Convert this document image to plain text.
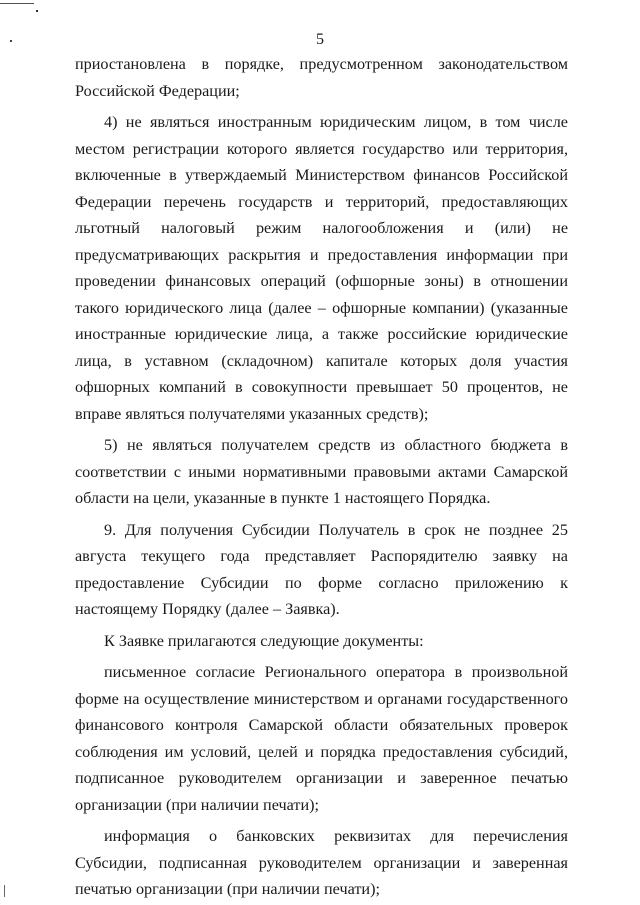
5

приостановлена в порядке, предусмотренном законодательством

Российской Федерации;

4) не являться иностранным юридическим лицом, в том числе местом регистрации которого является государство или территория, включенные в утверждаемый Министерством финансов Российской Федерации перечень государств и территорий, предоставляющих льготный налоговый режим налогообложения и (или) не предусматривающих раскрытия и предоставления информации при проведении финансовых операций (офшорные зоны) в отношении такого юридического лица (далее – офшорные компании) (указанные иностранные юридические лица, а также российские юридические лица, в уставном (складочном) капитале которых доля участия офшорных компаний в совокупности превышает 50 процентов, не вправе являться получателями указанных средств);

5) не являться получателем средств из областного бюджета в соответствии с иными нормативными правовыми актами Самарской области на цели, указанные в пункте 1 настоящего Порядка.

9. Для получения Субсидии Получатель в срок не позднее 25 августа текущего года представляет Распорядителю заявку на предоставление Субсидии по форме согласно приложению к настоящему Порядку (далее – Заявка).

К Заявке прилагаются следующие документы:

письменное согласие Регионального оператора в произвольной форме на осуществление министерством и органами государственного финансового контроля Самарской области обязательных проверок соблюдения им условий, целей и порядка предоставления субсидий, подписанное руководителем организации и заверенное печатью организации (при наличии печати);

информация о банковских реквизитах для перечисления Субсидии, подписанная руководителем организации и заверенная печатью организации (при наличии печати);
